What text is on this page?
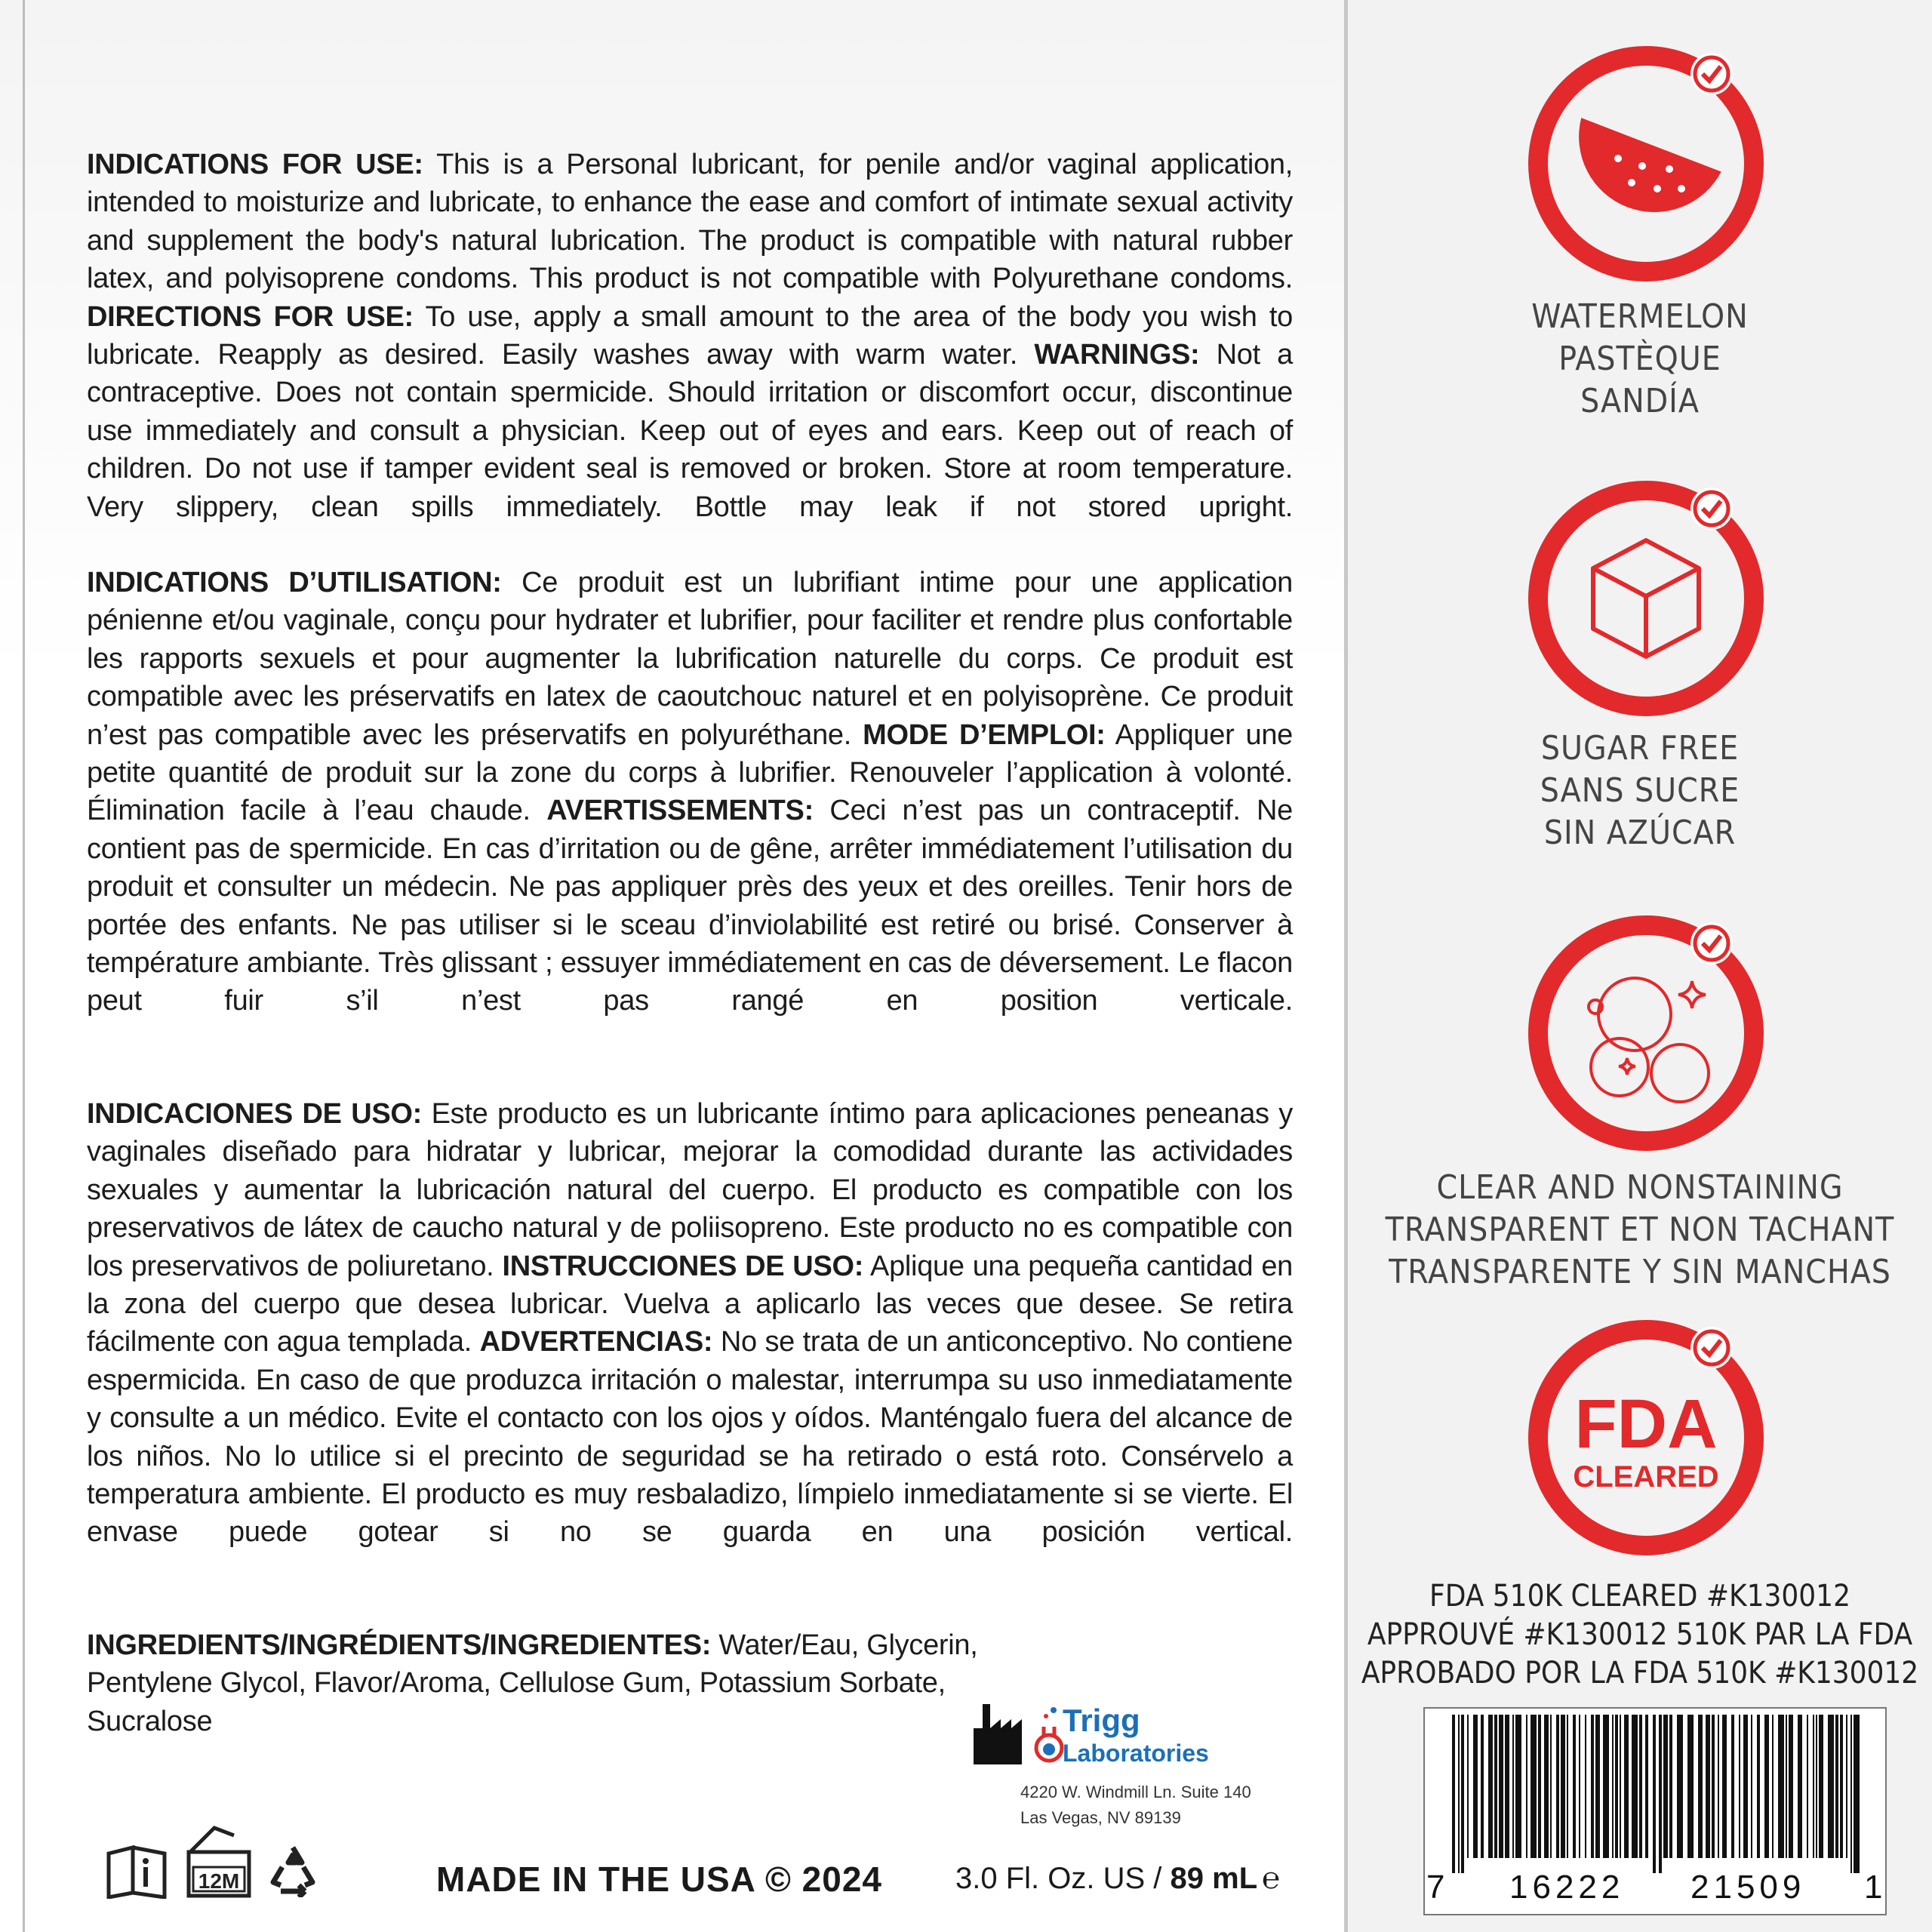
INDICATIONS FOR USE: This is a Personal lubricant, for penile and/or vaginal application, intended to moisturize and lubricate, to enhance the ease and comfort of intimate sexual activity and supplement the body's natural lubrication. The product is compatible with natural rubber latex, and polyisoprene condoms. This product is not compatible with Polyurethane condoms. DIRECTIONS FOR USE: To use, apply a small amount to the area of the body you wish to lubricate. Reapply as desired. Easily washes away with warm water. WARNINGS: Not a contraceptive. Does not contain spermicide. Should irritation or discomfort occur, discontinue use immediately and consult a physician. Keep out of eyes and ears. Keep out of reach of children. Do not use if tamper evident seal is removed or broken. Store at room temperature. Very slippery, clean spills immediately. Bottle may leak if not stored upright.
INDICATIONS D’UTILISATION: Ce produit est un lubrifiant intime pour une application pénienne et/ou vaginale, conçu pour hydrater et lubrifier, pour faciliter et rendre plus confortable les rapports sexuels et pour augmenter la lubrification naturelle du corps. Ce produit est compatible avec les préservatifs en latex de caoutchouc naturel et en polyisoprène. Ce produit n’est pas compatible avec les préservatifs en polyuréthane. MODE D’EMPLOI: Appliquer une petite quantité de produit sur la zone du corps à lubrifier. Renouveler l’application à volonté. Élimination facile à l’eau chaude. AVERTISSEMENTS: Ceci n’est pas un contraceptif. Ne contient pas de spermicide. En cas d’irritation ou de gêne, arrêter immédiatement l’utilisation du produit et consulter un médecin. Ne pas appliquer près des yeux et des oreilles. Tenir hors de portée des enfants. Ne pas utiliser si le sceau d’inviolabilité est retiré ou brisé. Conserver à température ambiante. Très glissant ; essuyer immédiatement en cas de déversement. Le flacon peut fuir s’il n’est pas rangé en position verticale.
INDICACIONES DE USO: Este producto es un lubricante íntimo para aplicaciones peneanas y vaginales diseñado para hidratar y lubricar, mejorar la comodidad durante las actividades sexuales y aumentar la lubricación natural del cuerpo. El producto es compatible con los preservativos de látex de caucho natural y de poliisopreno. Este producto no es compatible con los preservativos de poliuretano. INSTRUCCIONES DE USO: Aplique una pequeña cantidad en la zona del cuerpo que desea lubricar. Vuelva a aplicarlo las veces que desee. Se retira fácilmente con agua templada. ADVERTENCIAS: No se trata de un anticonceptivo. No contiene espermicida. En caso de que produzca irritación o malestar, interrumpa su uso inmediatamente y consulte a un médico. Evite el contacto con los ojos y oídos. Manténgalo fuera del alcance de los niños. No lo utilice si el precinto de seguridad se ha retirado o está roto. Consérvelo a temperatura ambiente. El producto es muy resbaladizo, límpielo inmediatamente si se vierte. El envase puede gotear si no se guarda en una posición vertical.
INGREDIENTS/INGRÉDIENTS/INGREDIENTES: Water/Eau, Glycerin, Pentylene Glycol, Flavor/Aroma, Cellulose Gum, Potassium Sorbate, Sucralose	Trigg
Laboratories
4220 W. Windmill Ln. Suite 140
Las Vegas, NV 89139
12M	MADE IN THE USA © 2024 3.0 Fl. Oz. US / 89 mL ℮
WATERMELON
PASTÈQUE
SANDÍA
SUGAR FREE
SANS SUCRE
SIN AZÚCAR
CLEAR AND NONSTAINING
TRANSPARENT ET NON TACHANT
TRANSPARENTE Y SIN MANCHAS
FDA
CLEARED
FDA 510K CLEARED #K130012
APPROUVÉ #K130012 510K PAR LA FDA
APROBADO POR LA FDA 510K #K130012
7 16222 21509 1
